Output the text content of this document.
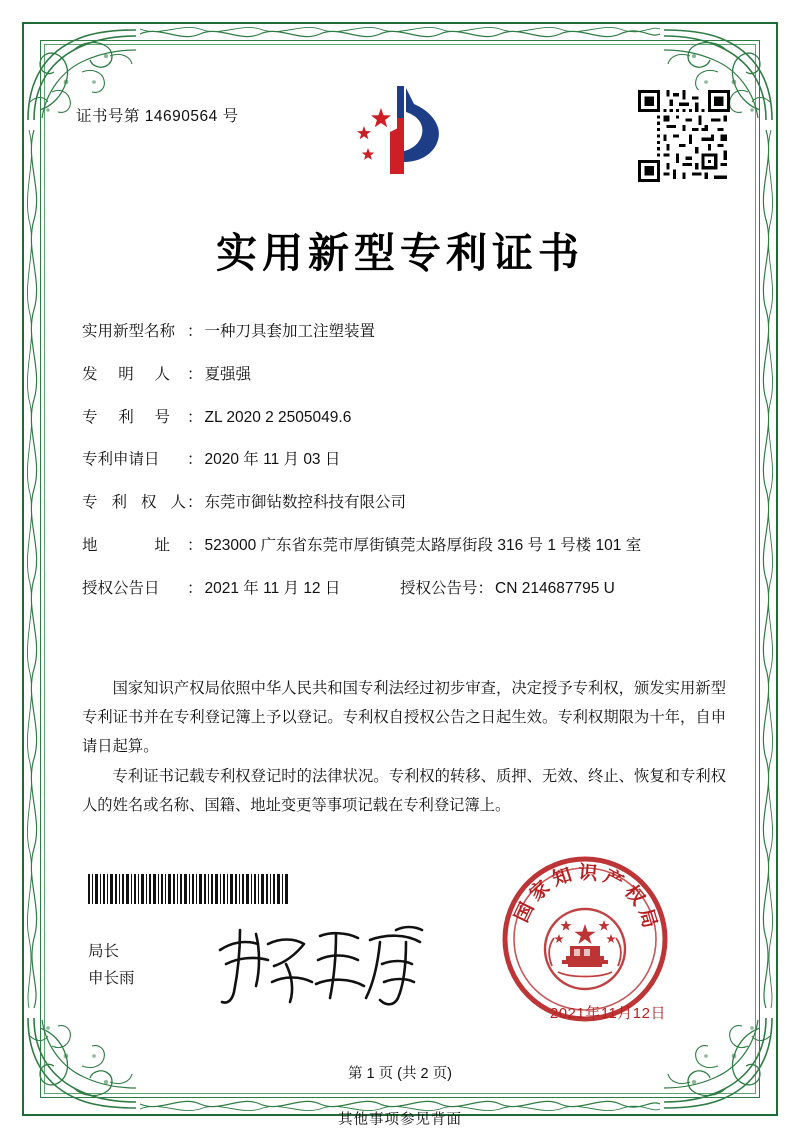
证书号第 14690564 号
实用新型专利证书
实用新型名称 ： 一种刀具套加工注塑装置
发 明 人 ： 夏强强
专 利 号 ： ZL 2020 2 2505049.6
专利申请日	： 2020 年 11 月 03 日
专 利 权 人 ： 东莞市御钻数控科技有限公司
地	址 ： 523000 广东省东莞市厚街镇莞太路厚街段 316 号 1 号楼 101 室
授权公告日	： 2021 年 11 月 12 日	授权公告号 ： CN 214687795 U

国家知识产权局依照中华人民共和国专利法经过初步审查，决定授予专利权，颁发实用新型专利证书并在专利登记簿上予以登记。专利权自授权公告之日起生效。专利权期限为十年，自申请日起算。

专利证书记载专利权登记时的法律状况。专利权的转移、质押、无效、终止、恢复和专利权人的姓名或名称、国籍、地址变更等事项记载在专利登记簿上。

局长
申长雨
国家知识产权局
2021年11月12日
第 1 页 (共 2 页)
其他事项参见背面
